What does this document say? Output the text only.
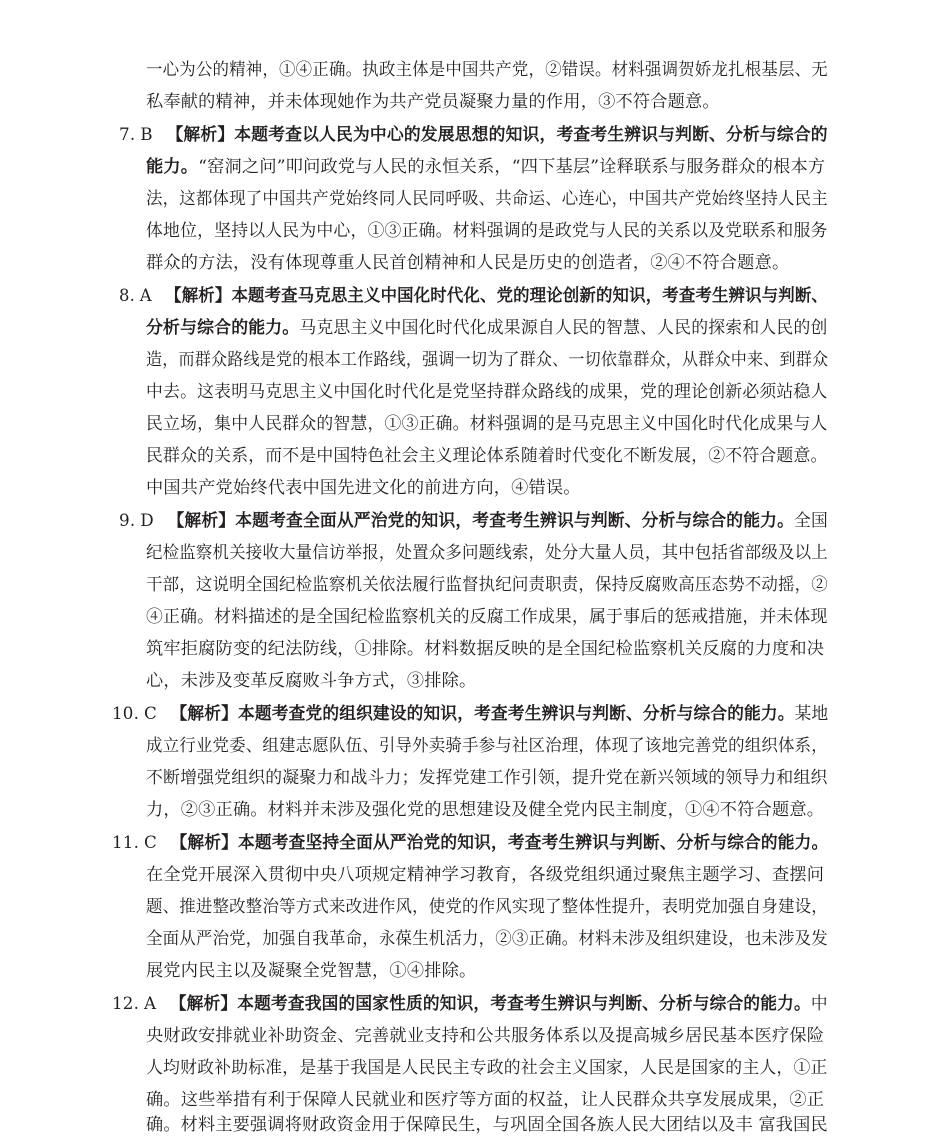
一心为公的精神，①④正确。执政主体是中国共产党，②错误。材料强调贺娇龙扎根基层、无
私奉献的精神，并未体现她作为共产党员凝聚力量的作用，③不符合题意。
7. B 【解析】本题考查以人民为中心的发展思想的知识，考查考生辨识与判断、分析与综合的
能力。“窑洞之问”叩问政党与人民的永恒关系，“四下基层”诠释联系与服务群众的根本方
法，这都体现了中国共产党始终同人民同呼吸、共命运、心连心，中国共产党始终坚持人民主
体地位，坚持以人民为中心，①③正确。材料强调的是政党与人民的关系以及党联系和服务
群众的方法，没有体现尊重人民首创精神和人民是历史的创造者，②④不符合题意。
8. A 【解析】本题考查马克思主义中国化时代化、党的理论创新的知识，考查考生辨识与判断、
分析与综合的能力。马克思主义中国化时代化成果源自人民的智慧、人民的探索和人民的创
造，而群众路线是党的根本工作路线，强调一切为了群众、一切依靠群众，从群众中来、到群众
中去。这表明马克思主义中国化时代化是党坚持群众路线的成果，党的理论创新必须站稳人
民立场，集中人民群众的智慧，①③正确。材料强调的是马克思主义中国化时代化成果与人
民群众的关系，而不是中国特色社会主义理论体系随着时代变化不断发展，②不符合题意。
中国共产党始终代表中国先进文化的前进方向，④错误。
9. D 【解析】本题考查全面从严治党的知识，考查考生辨识与判断、分析与综合的能力。全国
纪检监察机关接收大量信访举报，处置众多问题线索，处分大量人员，其中包括省部级及以上
干部，这说明全国纪检监察机关依法履行监督执纪问责职责，保持反腐败高压态势不动摇，②
④正确。材料描述的是全国纪检监察机关的反腐工作成果，属于事后的惩戒措施，并未体现
筑牢拒腐防变的纪法防线，①排除。材料数据反映的是全国纪检监察机关反腐的力度和决
心，未涉及变革反腐败斗争方式，③排除。
10. C 【解析】本题考查党的组织建设的知识，考查考生辨识与判断、分析与综合的能力。某地
成立行业党委、组建志愿队伍、引导外卖骑手参与社区治理，体现了该地完善党的组织体系，
不断增强党组织的凝聚力和战斗力；发挥党建工作引领，提升党在新兴领域的领导力和组织
力，②③正确。材料并未涉及强化党的思想建设及健全党内民主制度，①④不符合题意。
11. C 【解析】本题考查坚持全面从严治党的知识，考查考生辨识与判断、分析与综合的能力。
在全党开展深入贯彻中央八项规定精神学习教育，各级党组织通过聚焦主题学习、查摆问
题、推进整改整治等方式来改进作风，使党的作风实现了整体性提升，表明党加强自身建设，
全面从严治党，加强自我革命，永葆生机活力，②③正确。材料未涉及组织建设，也未涉及发
展党内民主以及凝聚全党智慧，①④排除。
12. A 【解析】本题考查我国的国家性质的知识，考查考生辨识与判断、分析与综合的能力。中
央财政安排就业补助资金、完善就业支持和公共服务体系以及提高城乡居民基本医疗保险
人均财政补助标准，是基于我国是人民民主专政的社会主义国家，人民是国家的主人，①正
确。这些举措有利于保障人民就业和医疗等方面的权益，让人民群众共享发展成果，②正
确。材料主要强调将财政资金用于保障民生，与巩固全国各族人民大团结以及丰 富我国民
